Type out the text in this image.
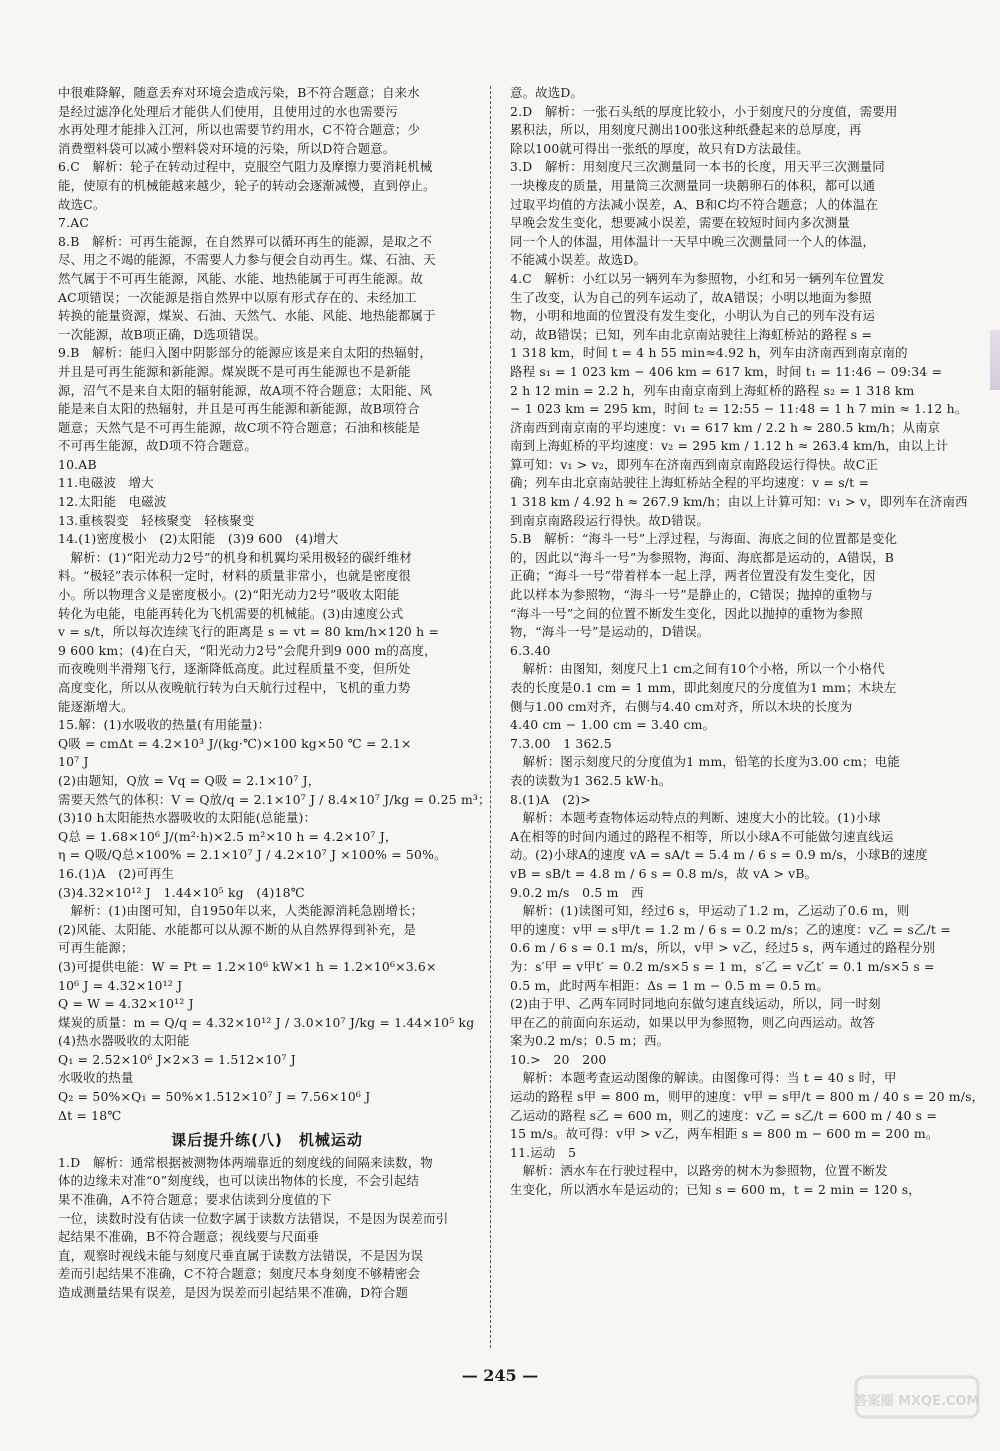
中很难降解，随意丢弃对环境会造成污染，B不符合题意；自来水
是经过滤净化处理后才能供人们使用，且使用过的水也需要污
水再处理才能排入江河，所以也需要节约用水，C不符合题意；少
消费塑料袋可以减小塑料袋对环境的污染，所以D符合题意。
6.C　解析：轮子在转动过程中，克服空气阻力及摩擦力要消耗机械
能，使原有的机械能越来越少，轮子的转动会逐渐减慢，直到停止。
故选C。
7.AC
8.B　解析：可再生能源，在自然界可以循环再生的能源，是取之不
尽、用之不竭的能源，不需要人力参与便会自动再生。煤、石油、天
然气属于不可再生能源，风能、水能、地热能属于可再生能源。故
AC项错误；一次能源是指自然界中以原有形式存在的、未经加工
转换的能量资源，煤炭、石油、天然气、水能、风能、地热能都属于
一次能源，故B项正确，D选项错误。
9.B　解析：能归入图中阴影部分的能源应该是来自太阳的热辐射，
并且是可再生能源和新能源。煤炭既不是可再生能源也不是新能
源，沼气不是来自太阳的辐射能源，故A项不符合题意；太阳能、风
能是来自太阳的热辐射，并且是可再生能源和新能源，故B项符合
题意；天然气是不可再生能源，故C项不符合题意；石油和核能是
不可再生能源，故D项不符合题意。
10.AB
11.电磁波　增大
12.太阳能　电磁波
13.重核裂变　轻核聚变　轻核聚变
14.(1)密度极小　(2)太阳能　(3)9 600　(4)增大
　解析：(1)“阳光动力2号”的机身和机翼均采用极轻的碳纤维材
料。“极轻”表示体积一定时，材料的质量非常小，也就是密度很
小。所以物理含义是密度极小。(2)“阳光动力2号”吸收太阳能
转化为电能，电能再转化为飞机需要的机械能。(3)由速度公式
v = s/t，所以每次连续飞行的距离是 s = vt = 80 km/h×120 h =
9 600 km；(4)在白天，“阳光动力2号”会爬升到9 000 m的高度，
而夜晚则半滑翔飞行，逐渐降低高度。此过程质量不变，但所处
高度变化，所以从夜晚航行转为白天航行过程中，飞机的重力势
能逐渐增大。
15.解：(1)水吸收的热量(有用能量)：
Q吸 = cmΔt = 4.2×10³ J/(kg·℃)×100 kg×50 ℃ = 2.1×
10⁷ J
(2)由题知，Q放 = Vq = Q吸 = 2.1×10⁷ J，
需要天然气的体积：V = Q放/q = 2.1×10⁷ J / 8.4×10⁷ J/kg = 0.25 m³；
(3)10 h太阳能热水器吸收的太阳能(总能量)：
Q总 = 1.68×10⁶ J/(m²·h)×2.5 m²×10 h = 4.2×10⁷ J，
η = Q吸/Q总×100% = 2.1×10⁷ J / 4.2×10⁷ J ×100% = 50%。
16.(1)A　(2)可再生
(3)4.32×10¹² J　1.44×10⁵ kg　(4)18℃
　解析：(1)由图可知，自1950年以来，人类能源消耗急剧增长；
(2)风能、太阳能、水能都可以从源不断的从自然界得到补充，是
可再生能源；
(3)可提供电能：W = Pt = 1.2×10⁶ kW×1 h = 1.2×10⁶×3.6×
10⁶ J = 4.32×10¹² J
Q = W = 4.32×10¹² J
煤炭的质量：m = Q/q = 4.32×10¹² J / 3.0×10⁷ J/kg = 1.44×10⁵ kg
(4)热水器吸收的太阳能
Q₁ = 2.52×10⁶ J×2×3 = 1.512×10⁷ J
水吸收的热量
Q₂ = 50%×Q₁ = 50%×1.512×10⁷ J = 7.56×10⁶ J
Δt = 18℃
课后提升练(八)　机械运动
1.D　解析：通常根据被测物体两端靠近的刻度线的间隔来读数，物
体的边缘未对准“0”刻度线，也可以读出物体的长度，不会引起结
果不准确，A不符合题意；要求估读到分度值的下
一位，读数时没有估读一位数字属于读数方法错误，不是因为误差而引
起结果不准确，B不符合题意；视线要与尺面垂
直，观察时视线未能与刻度尺垂直属于读数方法错误，不是因为误
差而引起结果不准确，C不符合题意；刻度尺本身刻度不够精密会
造成测量结果有误差，是因为误差而引起结果不准确，D符合题
意。故选D。
2.D　解析：一张石头纸的厚度比较小，小于刻度尺的分度值，需要用
累积法，所以，用刻度尺测出100张这种纸叠起来的总厚度，再
除以100就可得出一张纸的厚度，故只有D方法最佳。
3.D　解析：用刻度尺三次测量同一本书的长度，用天平三次测量同
一块橡皮的质量，用量筒三次测量同一块鹅卵石的体积，都可以通
过取平均值的方法减小误差，A、B和C均不符合题意；人的体温在
早晚会发生变化，想要减小误差，需要在较短时间内多次测量
同一个人的体温，用体温计一天早中晚三次测量同一个人的体温，
不能减小误差。故选D。
4.C　解析：小红以另一辆列车为参照物，小红和另一辆列车位置发
生了改变，认为自己的列车运动了，故A错误；小明以地面为参照
物，小明和地面的位置没有发生变化，小明认为自己的列车没有运
动，故B错误；已知，列车由北京南站驶往上海虹桥站的路程 s =
1 318 km，时间 t = 4 h 55 min≈4.92 h，列车由济南西到南京南的
路程 s₁ = 1 023 km − 406 km = 617 km，时间 t₁ = 11:46 − 09:34 =
2 h 12 min = 2.2 h，列车由南京南到上海虹桥的路程 s₂ = 1 318 km
− 1 023 km = 295 km，时间 t₂ = 12:55 − 11:48 = 1 h 7 min ≈ 1.12 h。
济南西到南京南的平均速度：v₁ = 617 km / 2.2 h ≈ 280.5 km/h；从南京
南到上海虹桥的平均速度：v₂ = 295 km / 1.12 h ≈ 263.4 km/h，由以上计
算可知：v₁ > v₂，即列车在济南西到南京南路段运行得快。故C正
确；列车由北京南站驶往上海虹桥站全程的平均速度：v = s/t =
1 318 km / 4.92 h ≈ 267.9 km/h；由以上计算可知：v₁ > v，即列车在济南西
到南京南路段运行得快。故D错误。
5.B　解析：“海斗一号”上浮过程，与海面、海底之间的位置都是变化
的，因此以“海斗一号”为参照物，海面、海底都是运动的，A错误，B
正确；“海斗一号”带着样本一起上浮，两者位置没有发生变化，因
此以样本为参照物，“海斗一号”是静止的，C错误；抛掉的重物与
“海斗一号”之间的位置不断发生变化，因此以抛掉的重物为参照
物，“海斗一号”是运动的，D错误。
6.3.40
　解析：由图知，刻度尺上1 cm之间有10个小格，所以一个小格代
表的长度是0.1 cm = 1 mm，即此刻度尺的分度值为1 mm；木块左
侧与1.00 cm对齐，右侧与4.40 cm对齐，所以木块的长度为
4.40 cm − 1.00 cm = 3.40 cm。
7.3.00　1 362.5
　解析：图示刻度尺的分度值为1 mm，铅笔的长度为3.00 cm；电能
表的读数为1 362.5 kW·h。
8.(1)A　(2)>
　解析：本题考查物体运动特点的判断、速度大小的比较。(1)小球
A在相等的时间内通过的路程不相等，所以小球A不可能做匀速直线运
动。(2)小球A的速度 vA = sA/t = 5.4 m / 6 s = 0.9 m/s，小球B的速度
vB = sB/t = 4.8 m / 6 s = 0.8 m/s，故 vA > vB。
9.0.2 m/s　0.5 m　西
　解析：(1)读图可知，经过6 s，甲运动了1.2 m，乙运动了0.6 m，则
甲的速度：v甲 = s甲/t = 1.2 m / 6 s = 0.2 m/s；乙的速度：v乙 = s乙/t =
0.6 m / 6 s = 0.1 m/s，所以，v甲 > v乙，经过5 s，两车通过的路程分别
为：s′甲 = v甲t′ = 0.2 m/s×5 s = 1 m，s′乙 = v乙t′ = 0.1 m/s×5 s =
0.5 m，此时两车相距：Δs = 1 m − 0.5 m = 0.5 m。
(2)由于甲、乙两车同时同地向东做匀速直线运动，所以，同一时刻
甲在乙的前面向东运动，如果以甲为参照物，则乙向西运动。故答
案为0.2 m/s；0.5 m；西。
10.>　20　200
　解析：本题考查运动图像的解读。由图像可得：当 t = 40 s 时，甲
运动的路程 s甲 = 800 m，则甲的速度：v甲 = s甲/t = 800 m / 40 s = 20 m/s，
乙运动的路程 s乙 = 600 m，则乙的速度：v乙 = s乙/t = 600 m / 40 s =
15 m/s。故可得：v甲 > v乙，两车相距 s = 800 m − 600 m = 200 m。
11.运动　5
　解析：洒水车在行驶过程中，以路旁的树木为参照物，位置不断发
生变化，所以洒水车是运动的；已知 s = 600 m，t = 2 min = 120 s，
— 245 —
答案圈 MXQE.COM
